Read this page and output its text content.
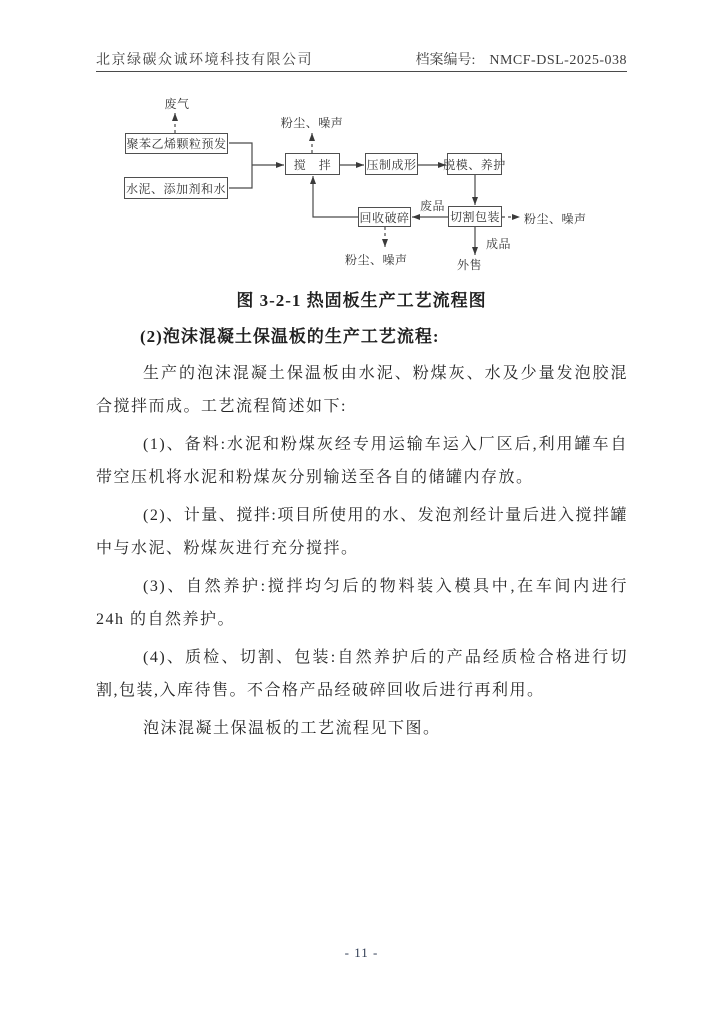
北京绿碳众诚环境科技有限公司	档案编号: NMCF-DSL-2025-038
聚苯乙烯颗粒预发
水泥、添加剂和水
搅　拌	压制成形 脱模、养护
回收破碎	切割包装
废气
粉尘、噪声
废品
粉尘、噪声
成品
外售
粉尘、噪声
图 3-2-1 热固板生产工艺流程图
(2)泡沫混凝土保温板的生产工艺流程:

生产的泡沫混凝土保温板由水泥、粉煤灰、水及少量发泡胶混合搅拌而成。工艺流程简述如下:

(1)、备料:水泥和粉煤灰经专用运输车运入厂区后,利用罐车自带空压机将水泥和粉煤灰分别输送至各自的储罐内存放。

(2)、计量、搅拌:项目所使用的水、发泡剂经计量后进入搅拌罐中与水泥、粉煤灰进行充分搅拌。

(3)、自然养护:搅拌均匀后的物料装入模具中,在车间内进行 24h 的自然养护。

(4)、质检、切割、包装:自然养护后的产品经质检合格进行切割,包装,入库待售。不合格产品经破碎回收后进行再利用。

泡沫混凝土保温板的工艺流程见下图。

- 11 -
